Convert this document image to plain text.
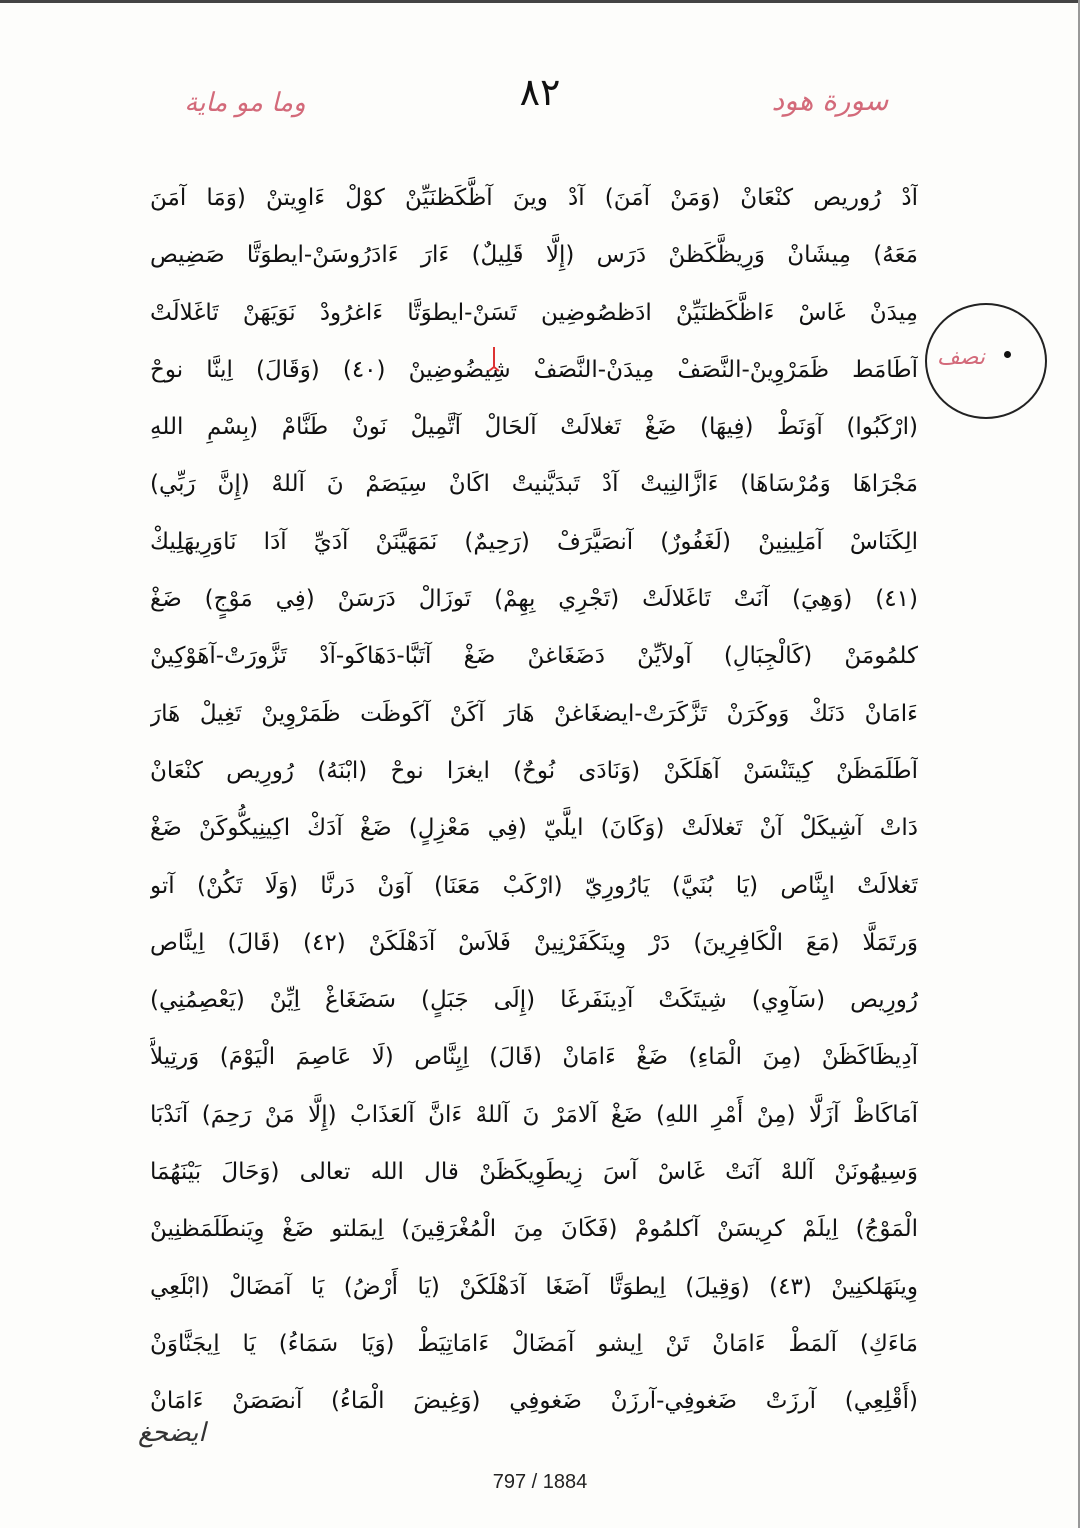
وما مو ماية	٨٢	سورة هود
آدْ رُوريص كنْعَانْ (وَمَنْ آمَنَ) آدْ وينَ آظَّكَظنَيِّنْ كوْلْ ءَاوِيتنْ (وَمَا آمَنَ
مَعَهُ) مِيشَانْ وَرِيظَّكَظنْ دَرَس (إِلَّا قَلِيلٌ) ءَارَ ءَادَرُوسَنْ-ايطوَتَّا صَضِيص
مِيدَنْ غَاسْ ءَاظَّكَظنَيِّنْ ادَظصُوضِين تَسَنْ-ايطوَتَّا ءَاغرُودْ نَوَيَهَنْ تَاغَلالَتْ
آطَامَط ظَمَرْوِينْ-النَّصَفْ مِيدَنْ-النَّصَفْ شِيضُوضِينْ (٤٠) (وَقَالَ) اِينَّا نوحْ
(ارْكَبُوا) آوَنَطْ (فِيهَا) ضَغْ تَغلالَتْ آلحَالْ آتَّمِيلْ نَونْ طَنَّامْ (بِسْمِ اللهِ
مَجْرَاهَا وَمُرْسَاهَا) ءَازَّالنِيتْ آدْ تَبدَيَّنيتْ اكَانْ سِيَصَمْ نَ آللهْ (إِنَّ رَبِّي)
الِكَنَاسْ آمَلِينِينْ (لَغَفُورٌ) آنصَيَّرَفْ (رَحِيمٌ) نَمَهَيَّنَنْ آدَيِّ آدَا نَاوَرِيهَلِيكْ
(٤١) (وَهِيَ) آنَتْ تَاغَلالَتْ (تَجْرِي بِهِمْ) تَوزَالْ دَرَسَنْ (فِي مَوْجٍ) ضَغْ
كلمُومَنْ (كَالْجِبَالِ) آولاَيِّنْ دَضَغَاغنْ ضَغْ آتَبَّا-دَهَاكَو-آدْ تَزَّورَتْ-آهَوْكِينْ
ءَامَانْ دَنَكْ وَوكَرَنْ تَزَّكَرَتْ-ايضغَاغنْ هَارَ آكَنْ آكَوظَت ظَمَرْوِينْ تَغِيلْ هَارَ
آطَلَمَظَنْ كِيتَنْسَنْ آهَلَكَنْ (وَنَادَى نُوحٌ) ايغرَا نوحْ (ابْنَهُ) رُورِيص كنْعَانْ
دَاتْ آشِيكَلْ آنْ تَغلالَتْ (وَكَانَ) ايلَّيّ (فِي مَعْزِلٍ) ضَغْ آدَكْ اكِينِيكُّوكَنْ ضَغْ
تَغلالَتْ ايِنَّاص (يَا بُنَيَّ) يَارُورِيّ (ارْكَبْ مَعَنَا) آوَنْ دَرنَّا (وَلَا تَكُنْ) آتو
وَرتَمَلَّا (مَعَ الْكَافِرِينَ) دَرْ وِينَكَفَرْنِينْ فَلاَسْ آدَهْلَكَنْ (٤٢) (قَالَ) اِينَّاص
رُورِيص (سَآوِي) شِيتَكَتْ آدِينَفَرغَا (إِلَى جَبَلٍ) سَضَغَاغْ اِيِّنْ (يَعْصِمُنِي)
آدِيظَاكَظَنْ (مِنَ الْمَاءِ) ضَغْ ءَامَانْ (قَالَ) اِيِنَّاص (لَا عَاصِمَ الْيَوْمَ) وَرتِيلاَّ
آمَاكَاظْ آزَلَّا (مِنْ أَمْرِ اللهِ) ضَغْ آلامَرْ نَ آللهْ ءَانَّ آلعَذَابْ (إِلَّا مَنْ رَحِمَ) آنَدْبَا
وَسِيهُونَنْ آللهْ آنَتْ غَاسْ آسَ زِيطَوِيكَظَنْ قال الله تعالى (وَحَالَ بَيْنَهُمَا
الْمَوْجُ) اِيلَمْ كرِيسَنْ آكلمُومْ (فَكَانَ مِنَ الْمُغْرَقِينَ) اِيمَلتو ضَغْ وِيَنطَلَمَظنِينْ
وِينَهَلكنِينْ (٤٣) (وَقِيلَ) اِيطوَتَّا آضَغَا آدَهْلَكَنْ (يَا أَرْضُ) يَا آمَضَالْ (ابْلَعِي
مَاءَكِ) آلمَطْ ءَامَانْ تَنْ اِيشو آمَضَالْ ءَامَاتِيَطْ (وَيَا سَمَاءُ) يَا اِيجَنَّاوَنْ
(أَقْلِعِي) آرزَتْ ضَغوفِي-آرزَنْ ضَغوفِي (وَغِيضَ الْمَاءُ) آنصَصَنْ ءَامَانْ
نصف
ايضحغ
797 / 1884
